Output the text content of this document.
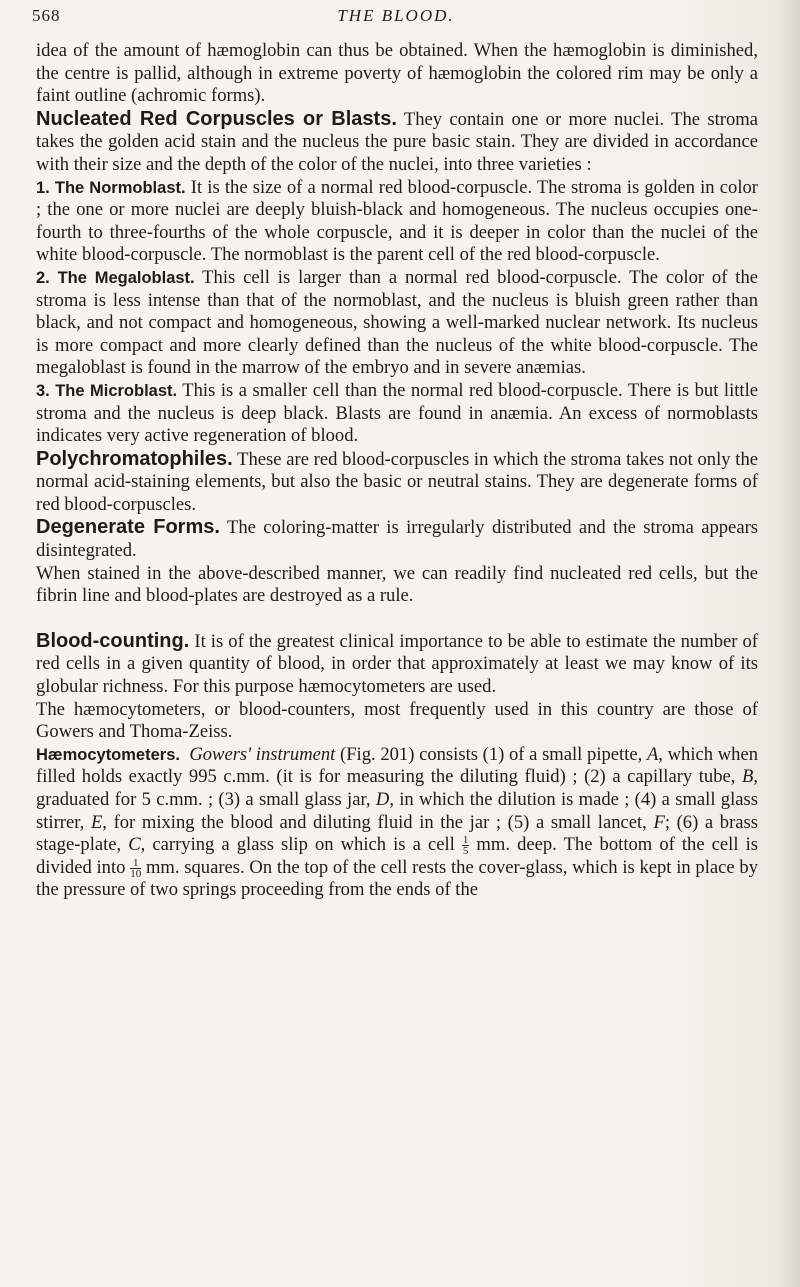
568	THE BLOOD.

idea of the amount of hæmoglobin can thus be obtained. When the hæmoglobin is diminished, the centre is pallid, although in extreme poverty of hæmoglobin the colored rim may be only a faint outline (achromic forms).

Nucleated Red Corpuscles or Blasts. They contain one or more nuclei. The stroma takes the golden acid stain and the nucleus the pure basic stain. They are divided in accordance with their size and the depth of the color of the nuclei, into three varieties :

1. The Normoblast. It is the size of a normal red blood-corpuscle. The stroma is golden in color ; the one or more nuclei are deeply bluish-black and homogeneous. The nucleus occupies one-fourth to three-fourths of the whole corpuscle, and it is deeper in color than the nuclei of the white blood-corpuscle. The normoblast is the parent cell of the red blood-corpuscle.

2. The Megaloblast. This cell is larger than a normal red blood-corpuscle. The color of the stroma is less intense than that of the normoblast, and the nucleus is bluish green rather than black, and not compact and homogeneous, showing a well-marked nuclear network. Its nucleus is more compact and more clearly defined than the nucleus of the white blood-corpuscle. The megaloblast is found in the marrow of the embryo and in severe anæmias.

3. The Microblast. This is a smaller cell than the normal red blood-corpuscle. There is but little stroma and the nucleus is deep black. Blasts are found in anæmia. An excess of normoblasts indicates very active regeneration of blood.

Polychromatophiles. These are red blood-corpuscles in which the stroma takes not only the normal acid-staining elements, but also the basic or neutral stains. They are degenerate forms of red blood-corpuscles.

Degenerate Forms. The coloring-matter is irregularly distributed and the stroma appears disintegrated.

When stained in the above-described manner, we can readily find nucleated red cells, but the fibrin line and blood-plates are destroyed as a rule.

Blood-counting. It is of the greatest clinical importance to be able to estimate the number of red cells in a given quantity of blood, in order that approximately at least we may know of its globular richness. For this purpose hæmocytometers are used.

The hæmocytometers, or blood-counters, most frequently used in this country are those of Gowers and Thoma-Zeiss.

Hæmocytometers. Gowers' instrument (Fig. 201) consists (1) of a small pipette, A, which when filled holds exactly 995 c.mm. (it is for measuring the diluting fluid) ; (2) a capillary tube, B, graduated for 5 c.mm. ; (3) a small glass jar, D, in which the dilution is made ; (4) a small glass stirrer, E, for mixing the blood and diluting fluid in the jar ; (5) a small lancet, F; (6) a brass stage-plate, C, carrying a glass slip on which is a cell $\frac{1}{5}$ mm. deep. The bottom of the cell is divided into $\frac{1}{10}$ mm. squares. On the top of the cell rests the cover-glass, which is kept in place by the pressure of two springs proceeding from the ends of the
